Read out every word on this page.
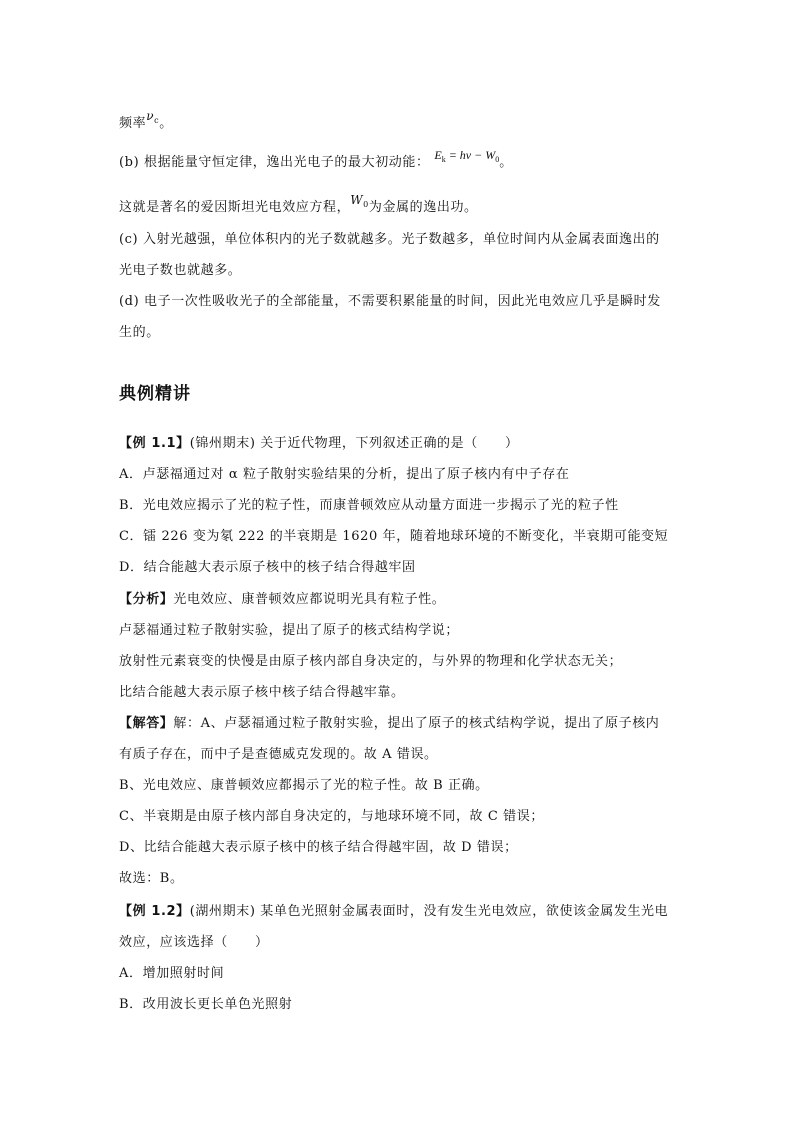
频率$\nu_c$。
(b) 根据能量守恒定律，逸出光电子的最大初动能： $E_k = h\nu - W_0$。
这就是著名的爱因斯坦光电效应方程，$W_0$为金属的逸出功。
(c) 入射光越强，单位体积内的光子数就越多。光子数越多，单位时间内从金属表面逸出的
光电子数也就越多。
(d) 电子一次性吸收光子的全部能量，不需要积累能量的时间，因此光电效应几乎是瞬时发
生的。
典例精讲
【例 1.1】(锦州期末) 关于近代物理，下列叙述正确的是（　　）
A．卢瑟福通过对 α 粒子散射实验结果的分析，提出了原子核内有中子存在
B．光电效应揭示了光的粒子性，而康普顿效应从动量方面进一步揭示了光的粒子性
C．镭 226 变为氡 222 的半衰期是 1620 年，随着地球环境的不断变化，半衰期可能变短
D．结合能越大表示原子核中的核子结合得越牢固
【分析】光电效应、康普顿效应都说明光具有粒子性。
卢瑟福通过粒子散射实验，提出了原子的核式结构学说；
放射性元素衰变的快慢是由原子核内部自身决定的，与外界的物理和化学状态无关；
比结合能越大表示原子核中核子结合得越牢靠。
【解答】解：A、卢瑟福通过粒子散射实验，提出了原子的核式结构学说，提出了原子核内
有质子存在，而中子是查德威克发现的。故 A 错误。
B、光电效应、康普顿效应都揭示了光的粒子性。故 B 正确。
C、半衰期是由原子核内部自身决定的，与地球环境不同，故 C 错误；
D、比结合能越大表示原子核中的核子结合得越牢固，故 D 错误；
故选：B。
【例 1.2】(湖州期末) 某单色光照射金属表面时，没有发生光电效应，欲使该金属发生光电
效应，应该选择（　　）
A．增加照射时间
B．改用波长更长单色光照射
